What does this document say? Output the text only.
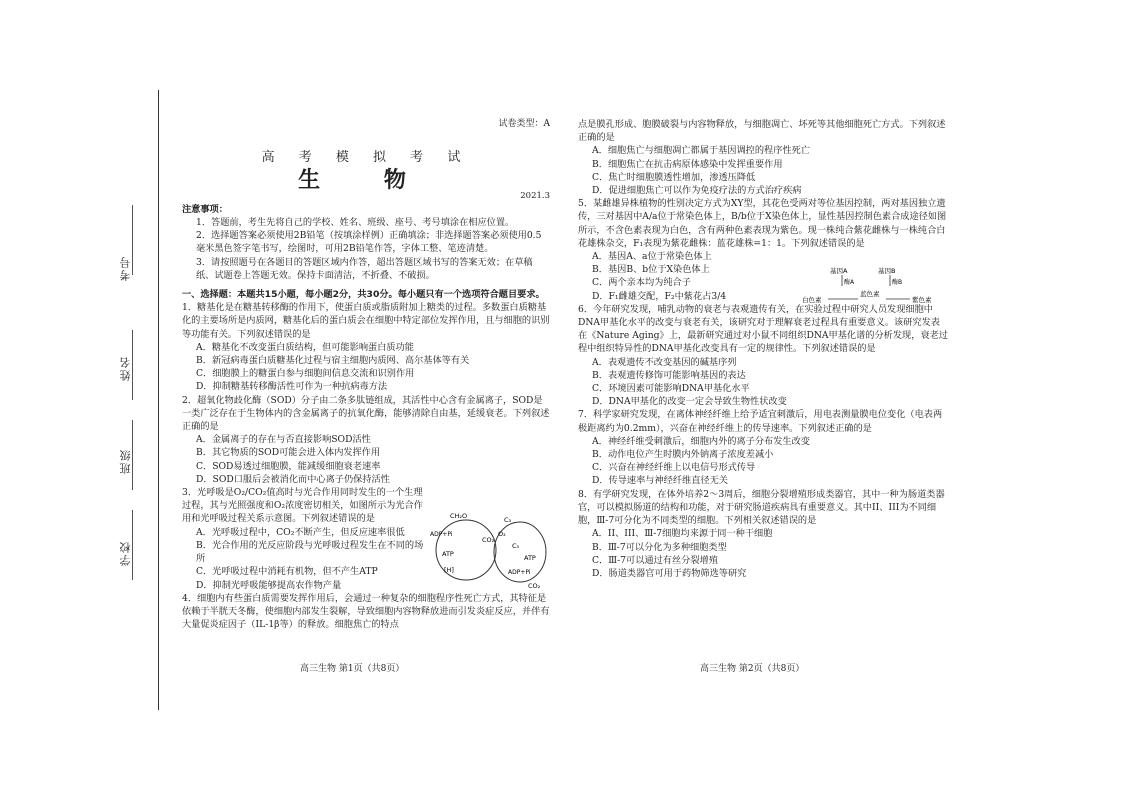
考号
姓名
班级
学校
试卷类型：A
高 考 模 拟 考 试
生 物
2021.3
注意事项：

1．答题前，考生先将自己的学校、姓名、班级、座号、考号填涂在相应位置。

2．选择题答案必须使用2B铅笔（按填涂样例）正确填涂；非选择题答案必须使用0.5毫米黑色签字笔书写，绘图时，可用2B铅笔作答，字体工整、笔迹清楚。

3．请按照题号在各题目的答题区域内作答，超出答题区域书写的答案无效；在草稿纸、试题卷上答题无效。保持卡面清洁，不折叠、不破损。

一、选择题：本题共15小题，每小题2分，共30分。每小题只有一个选项符合题目要求。

1．糖基化是在糖基转移酶的作用下，使蛋白质或脂质附加上糖类的过程。多数蛋白质糖基化的主要场所是内质网，糖基化后的蛋白质会在细胞中特定部位发挥作用，且与细胞的识别等功能有关。下列叙述错误的是

A．糖基化不改变蛋白质结构，但可能影响蛋白质功能

B．新冠病毒蛋白质糖基化过程与宿主细胞内质网、高尔基体等有关

C．细胞膜上的糖蛋白参与细胞间信息交流和识别作用

D．抑制糖基转移酶活性可作为一种抗病毒方法

2．超氧化物歧化酶（SOD）分子由二条多肽链组成，其活性中心含有金属离子，SOD是一类广泛存在于生物体内的含金属离子的抗氧化酶，能够清除自由基，延缓衰老。下列叙述正确的是

A．金属离子的存在与否直接影响SOD活性

B．其它物质的SOD可能会进入体内发挥作用

C．SOD易透过细胞膜，能减缓细胞衰老速率

D．SOD口服后会被消化而中心离子仍保持活性

3．光呼吸是O₂/CO₂值高时与光合作用同时发生的一个生理过程，其与光照强度和O₂浓度密切相关，如图所示为光合作用和光呼吸过程关系示意图。下列叙述错误的是

A．光呼吸过程中，CO₂不断产生，但反应速率很低

B．光合作用的光反应阶段与光呼吸过程发生在不同的场所

C．光呼吸过程中消耗有机物，但不产生ATP

D．抑制光呼吸能够提高农作物产量

4．细胞内有些蛋白质需要发挥作用后，会通过一种复杂的细胞程序性死亡方式，其特征是依赖于半胱天冬酶，使细胞内部发生裂解，导致细胞内容物释放进而引发炎症反应，并伴有大量促炎症因子（IL-1β等）的释放。细胞焦亡的特点

CH₂O
ADP+Pi
ATP
[H]
CO₂
C₃
O₂
C₅
ATP
ADP+Pi
CO₂

点是膜孔形成、胞膜破裂与内容物释放，与细胞凋亡、坏死等其他细胞死亡方式。下列叙述正确的是

A．细胞焦亡与细胞凋亡都属于基因调控的程序性死亡

B．细胞焦亡在抗击病原体感染中发挥重要作用

C．焦亡时细胞膜透性增加，渗透压降低

D．促进细胞焦亡可以作为免疫疗法的方式治疗疾病

5．某雌雄异株植物的性别决定方式为XY型，其花色受两对等位基因控制，两对基因独立遗传，三对基因中A/a位于常染色体上，B/b位于X染色体上，显性基因控制色素合成途径如图所示，不含色素表现为白色，含有两种色素表现为紫色。现一株纯合紫花雌株与一株纯合白花雄株杂交，F₁表现为紫花雌株：蓝花雄株=1：1。下列叙述错误的是

A．基因A、a位于常染色体上

B．基因B、b位于X染色体上

C．两个亲本均为纯合子

D．F₁雌雄交配，F₂中紫花占3/4

6．今年研究发现，哺乳动物的衰老与表观遗传有关，在实验过程中研究人员发现细胞中DNA甲基化水平的改变与衰老有关，该研究对于理解衰老过程具有重要意义。该研究发表在《Nature Aging》上，最新研究通过对小鼠不同组织DNA甲基化谱的分析发现，衰老过程中组织特异性的DNA甲基化改变具有一定的规律性。下列叙述错误的是

A．表观遗传不改变基因的碱基序列

B．表观遗传修饰可能影响基因的表达

C．环境因素可能影响DNA甲基化水平

D．DNA甲基化的改变一定会导致生物性状改变

7．科学家研究发现，在离体神经纤维上给予适宜刺激后，用电表测量膜电位变化（电表两极距离约为0.2mm），兴奋在神经纤维上的传导速率。下列叙述正确的是

A．神经纤维受刺激后，细胞内外的离子分布发生改变

B．动作电位产生时膜内外钠离子浓度差减小

C．兴奋在神经纤维上以电信号形式传导

D．传导速率与神经纤维直径无关

8．有学研究发现，在体外培养2～3周后，细胞分裂增殖形成类器官，其中一种为肠道类器官，可以模拟肠道的结构和功能，对于研究肠道疾病具有重要意义。其中II、III为不同细胞，Ⅲ-7可分化为不同类型的细胞。下列相关叙述错误的是

A．II、III、Ⅲ-7细胞均来源于同一种干细胞

B．Ⅲ-7可以分化为多种细胞类型

C．Ⅲ-7可以通过有丝分裂增殖

D．肠道类器官可用于药物筛选等研究

基因A	基因B
酶A	酶B
白色素
蓝色素
紫色素
高三生物 第1页（共8页）	高三生物 第2页（共8页）
